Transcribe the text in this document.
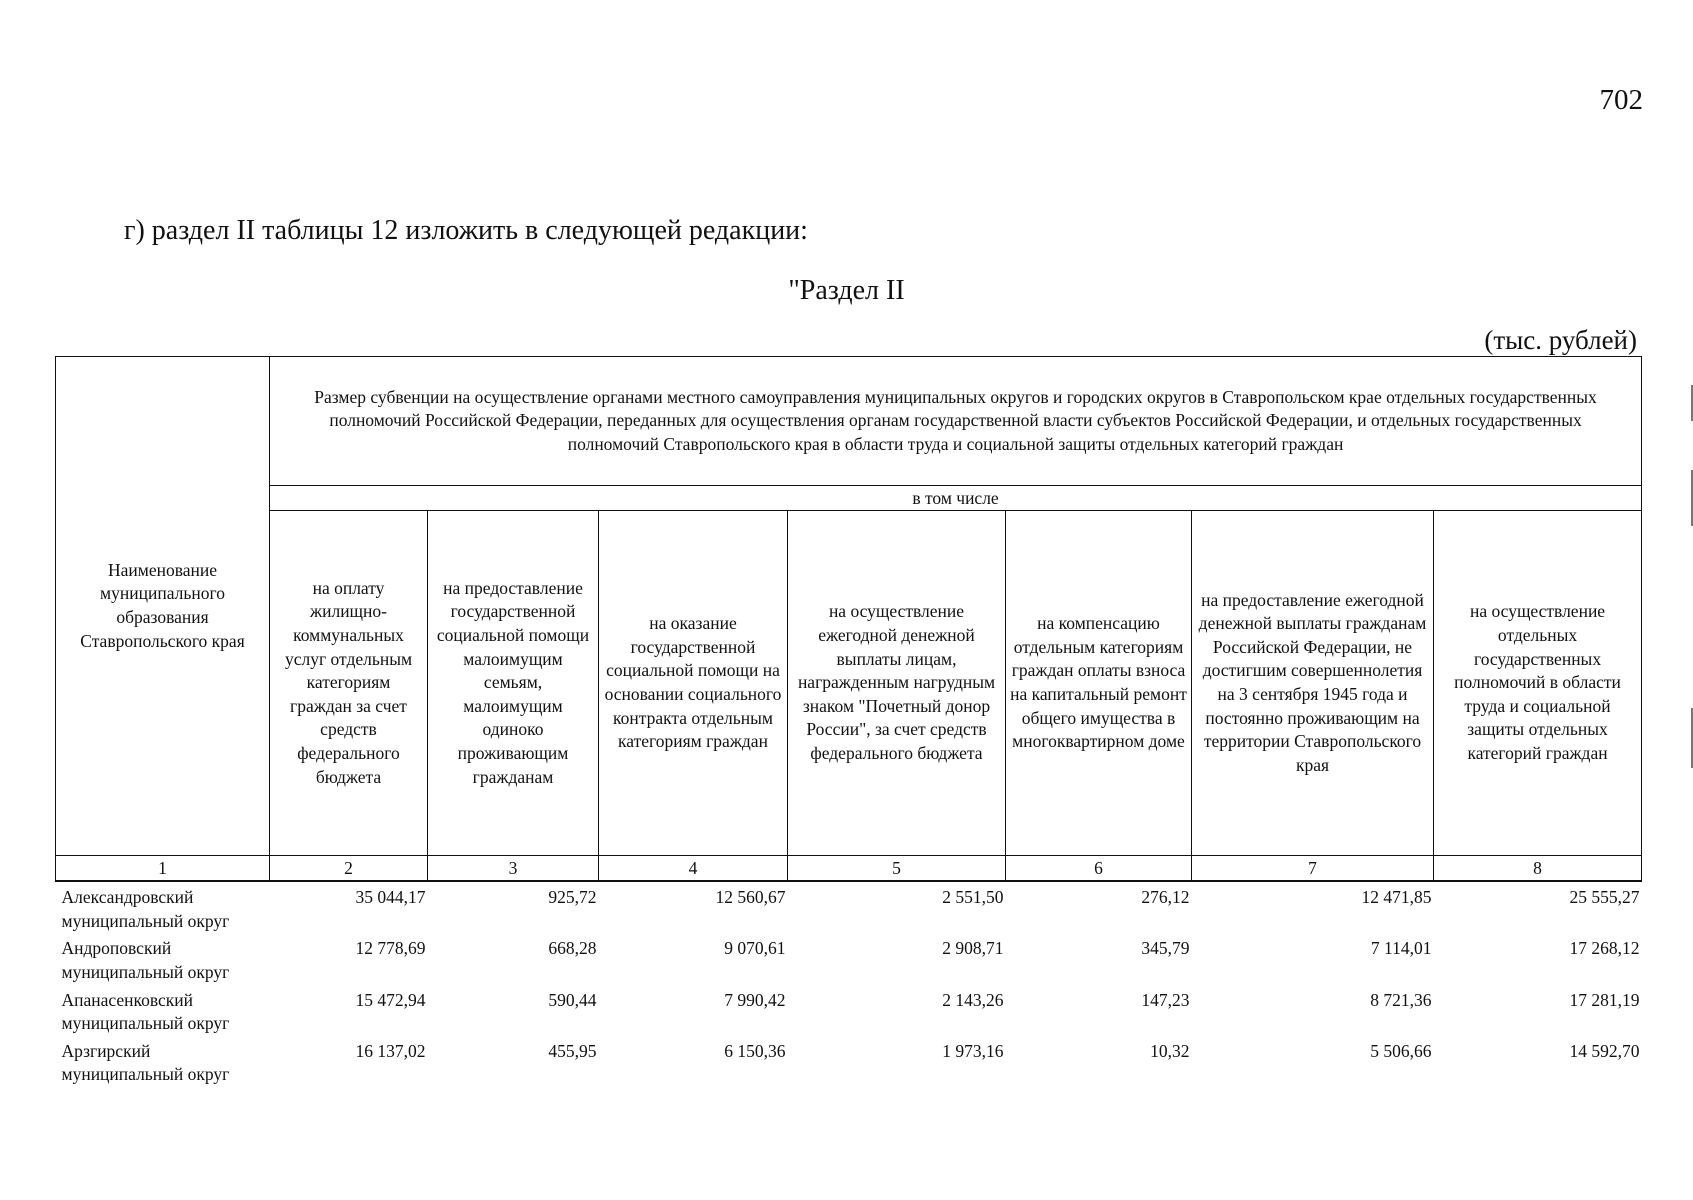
702
г) раздел II таблицы 12 изложить в следующей редакции:
"Раздел II
(тыс. рублей)
Наименование муниципального образования Ставропольского края	Размер субвенции на осуществление органами местного самоуправления муниципальных округов и городских округов в Ставропольском крае отдельных государственных полномочий Российской Федерации, переданных для осуществления органам государственной власти субъектов Российской Федерации, и отдельных государственных полномочий Ставропольского края в области труда и социальной защиты отдельных категорий граждан						
	в том числе						
	на оплату жилищно-коммунальных услуг отдельным категориям граждан за счет средств федерального бюджета	на предоставление государственной социальной помощи малоимущим семьям, малоимущим одиноко проживающим гражданам	на оказание государственной социальной помощи на основании социального контракта отдельным категориям граждан	на осуществление ежегодной денежной выплаты лицам, награжденным нагрудным знаком "Почетный донор России", за счет средств федерального бюджета	на компенсацию отдельным категориям граждан оплаты взноса на капитальный ремонт общего имущества в многоквартирном доме	на предоставление ежегодной денежной выплаты гражданам Российской Федерации, не достигшим совершеннолетия на 3 сентября 1945 года и постоянно проживающим на территории Ставропольского края	на осуществление отдельных государственных полномочий в области труда и социальной защиты отдельных категорий граждан
1	2	3	4	5	6	7	8
Александровский муниципальный округ	35 044,17	925,72	12 560,67	2 551,50	276,12	12 471,85	25 555,27
Андроповский муниципальный округ	12 778,69	668,28	9 070,61	2 908,71	345,79	7 114,01	17 268,12
Апанасенковский муниципальный округ	15 472,94	590,44	7 990,42	2 143,26	147,23	8 721,36	17 281,19
Арзгирский муниципальный округ	16 137,02	455,95	6 150,36	1 973,16	10,32	5 506,66	14 592,70
